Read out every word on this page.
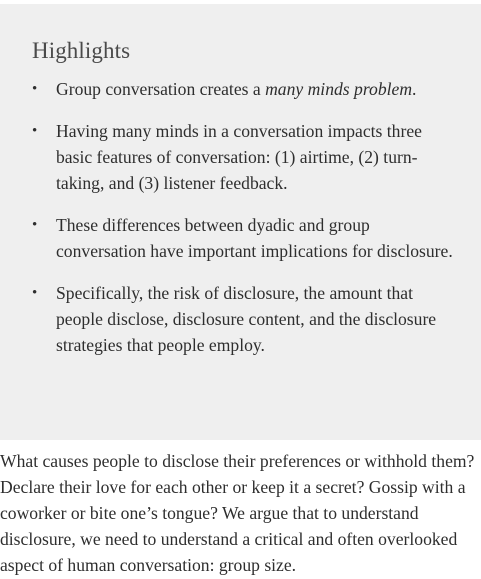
Highlights
• Group conversation creates a many minds problem.
• Having many minds in a conversation impacts three basic features of conversation: (1) airtime, (2) turn-taking, and (3) listener feedback.
• These differences between dyadic and group conversation have important implications for disclosure.
• Specifically, the risk of disclosure, the amount that people disclose, disclosure content, and the disclosure strategies that people employ.

What causes people to disclose their preferences or withhold them? Declare their love for each other or keep it a secret? Gossip with a coworker or bite one’s tongue? We argue that to understand disclosure, we need to understand a critical and often overlooked aspect of human conversation: group size.
